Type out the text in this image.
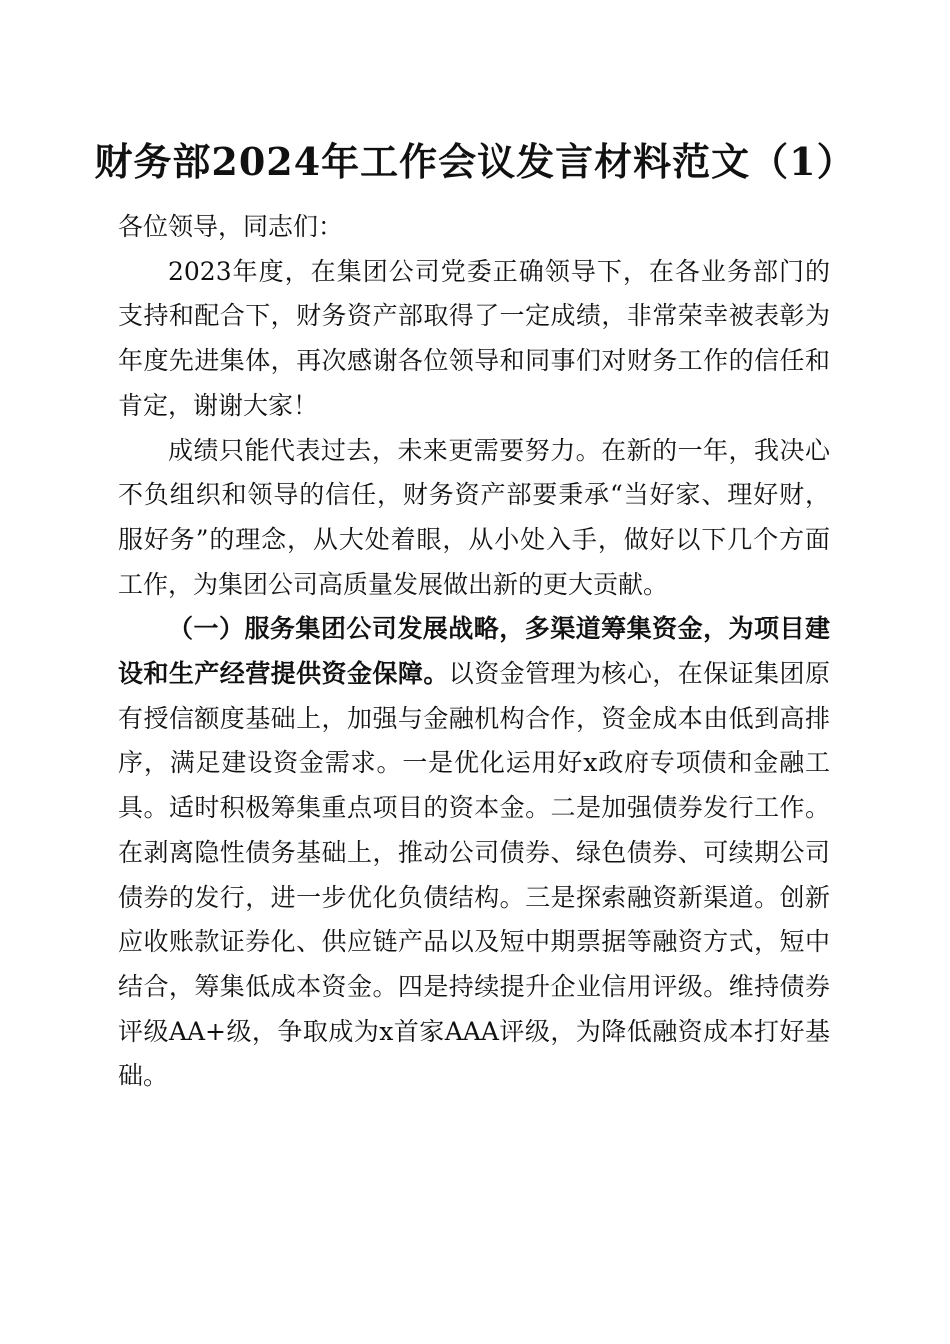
财务部2024年工作会议发言材料范文（1）

各位领导，同志们：

2023年度，在集团公司党委正确领导下，在各业务部门的支持和配合下，财务资产部取得了一定成绩，非常荣幸被表彰为年度先进集体，再次感谢各位领导和同事们对财务工作的信任和肯定，谢谢大家！

成绩只能代表过去，未来更需要努力。在新的一年，我决心不负组织和领导的信任，财务资产部要秉承“当好家、理好财，服好务”的理念，从大处着眼，从小处入手，做好以下几个方面工作，为集团公司高质量发展做出新的更大贡献。

（一）服务集团公司发展战略，多渠道筹集资金，为项目建设和生产经营提供资金保障。以资金管理为核心，在保证集团原有授信额度基础上，加强与金融机构合作，资金成本由低到高排序，满足建设资金需求。一是优化运用好x政府专项债和金融工具。适时积极筹集重点项目的资本金。二是加强债券发行工作。在剥离隐性债务基础上，推动公司债券、绿色债券、可续期公司债券的发行，进一步优化负债结构。三是探索融资新渠道。创新应收账款证券化、供应链产品以及短中期票据等融资方式，短中结合，筹集低成本资金。四是持续提升企业信用评级。维持债券评级AA+级，争取成为x首家AAA评级，为降低融资成本打好基础。
